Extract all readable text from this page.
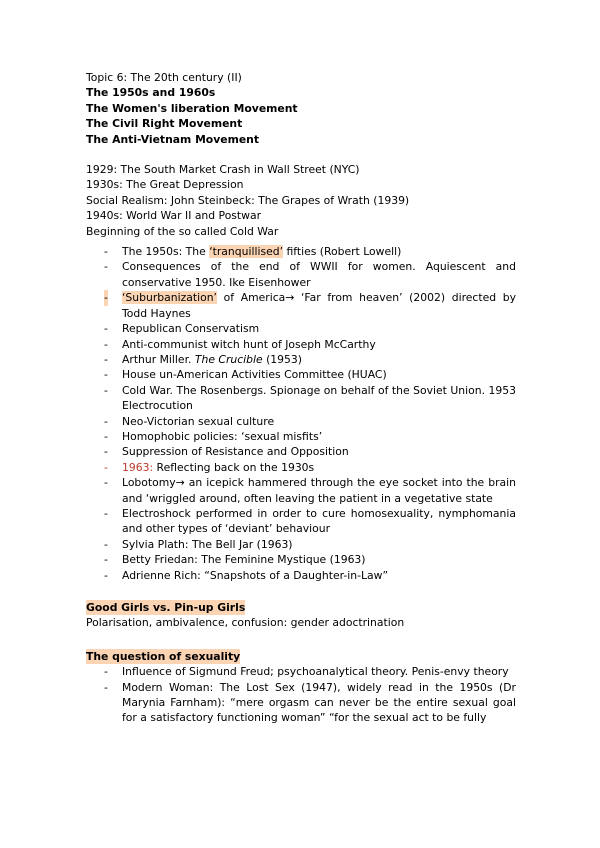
Topic 6: The 20th century (II)
The 1950s and 1960s
The Women's liberation Movement
The Civil Right Movement
The Anti-Vietnam Movement
1929: The South Market Crash in Wall Street (NYC)
1930s: The Great Depression
Social Realism: John Steinbeck: The Grapes of Wrath (1939)
1940s: World War II and Postwar
Beginning of the so called Cold War
- The 1950s: The ‘tranquillised’ fifties (Robert Lowell)
- Consequences of the end of WWII for women. Aquiescent and conservative 1950. Ike Eisenhower
- ‘Suburbanization’ of America→ ‘Far from heaven’ (2002) directed by Todd Haynes
- Republican Conservatism
- Anti-communist witch hunt of Joseph McCarthy
- Arthur Miller. The Crucible (1953)
- House un-American Activities Committee (HUAC)
- Cold War. The Rosenbergs. Spionage on behalf of the Soviet Union. 1953 Electrocution
- Neo-Victorian sexual culture
- Homophobic policies: ‘sexual misfits’
- Suppression of Resistance and Opposition
- 1963: Reflecting back on the 1930s
- Lobotomy→ an icepick hammered through the eye socket into the brain and ‘wriggled around, often leaving the patient in a vegetative state
- Electroshock performed in order to cure homosexuality, nymphomania and other types of ‘deviant’ behaviour
- Sylvia Plath: The Bell Jar (1963)
- Betty Friedan: The Feminine Mystique (1963)
- Adrienne Rich: “Snapshots of a Daughter-in-Law”
Good Girls vs. Pin-up Girls
Polarisation, ambivalence, confusion: gender adoctrination
The question of sexuality
- Influence of Sigmund Freud; psychoanalytical theory. Penis-envy theory
- Modern Woman: The Lost Sex (1947), widely read in the 1950s (Dr Marynia Farnham): “mere orgasm can never be the entire sexual goal for a satisfactory functioning woman” “for the sexual act to be fully
